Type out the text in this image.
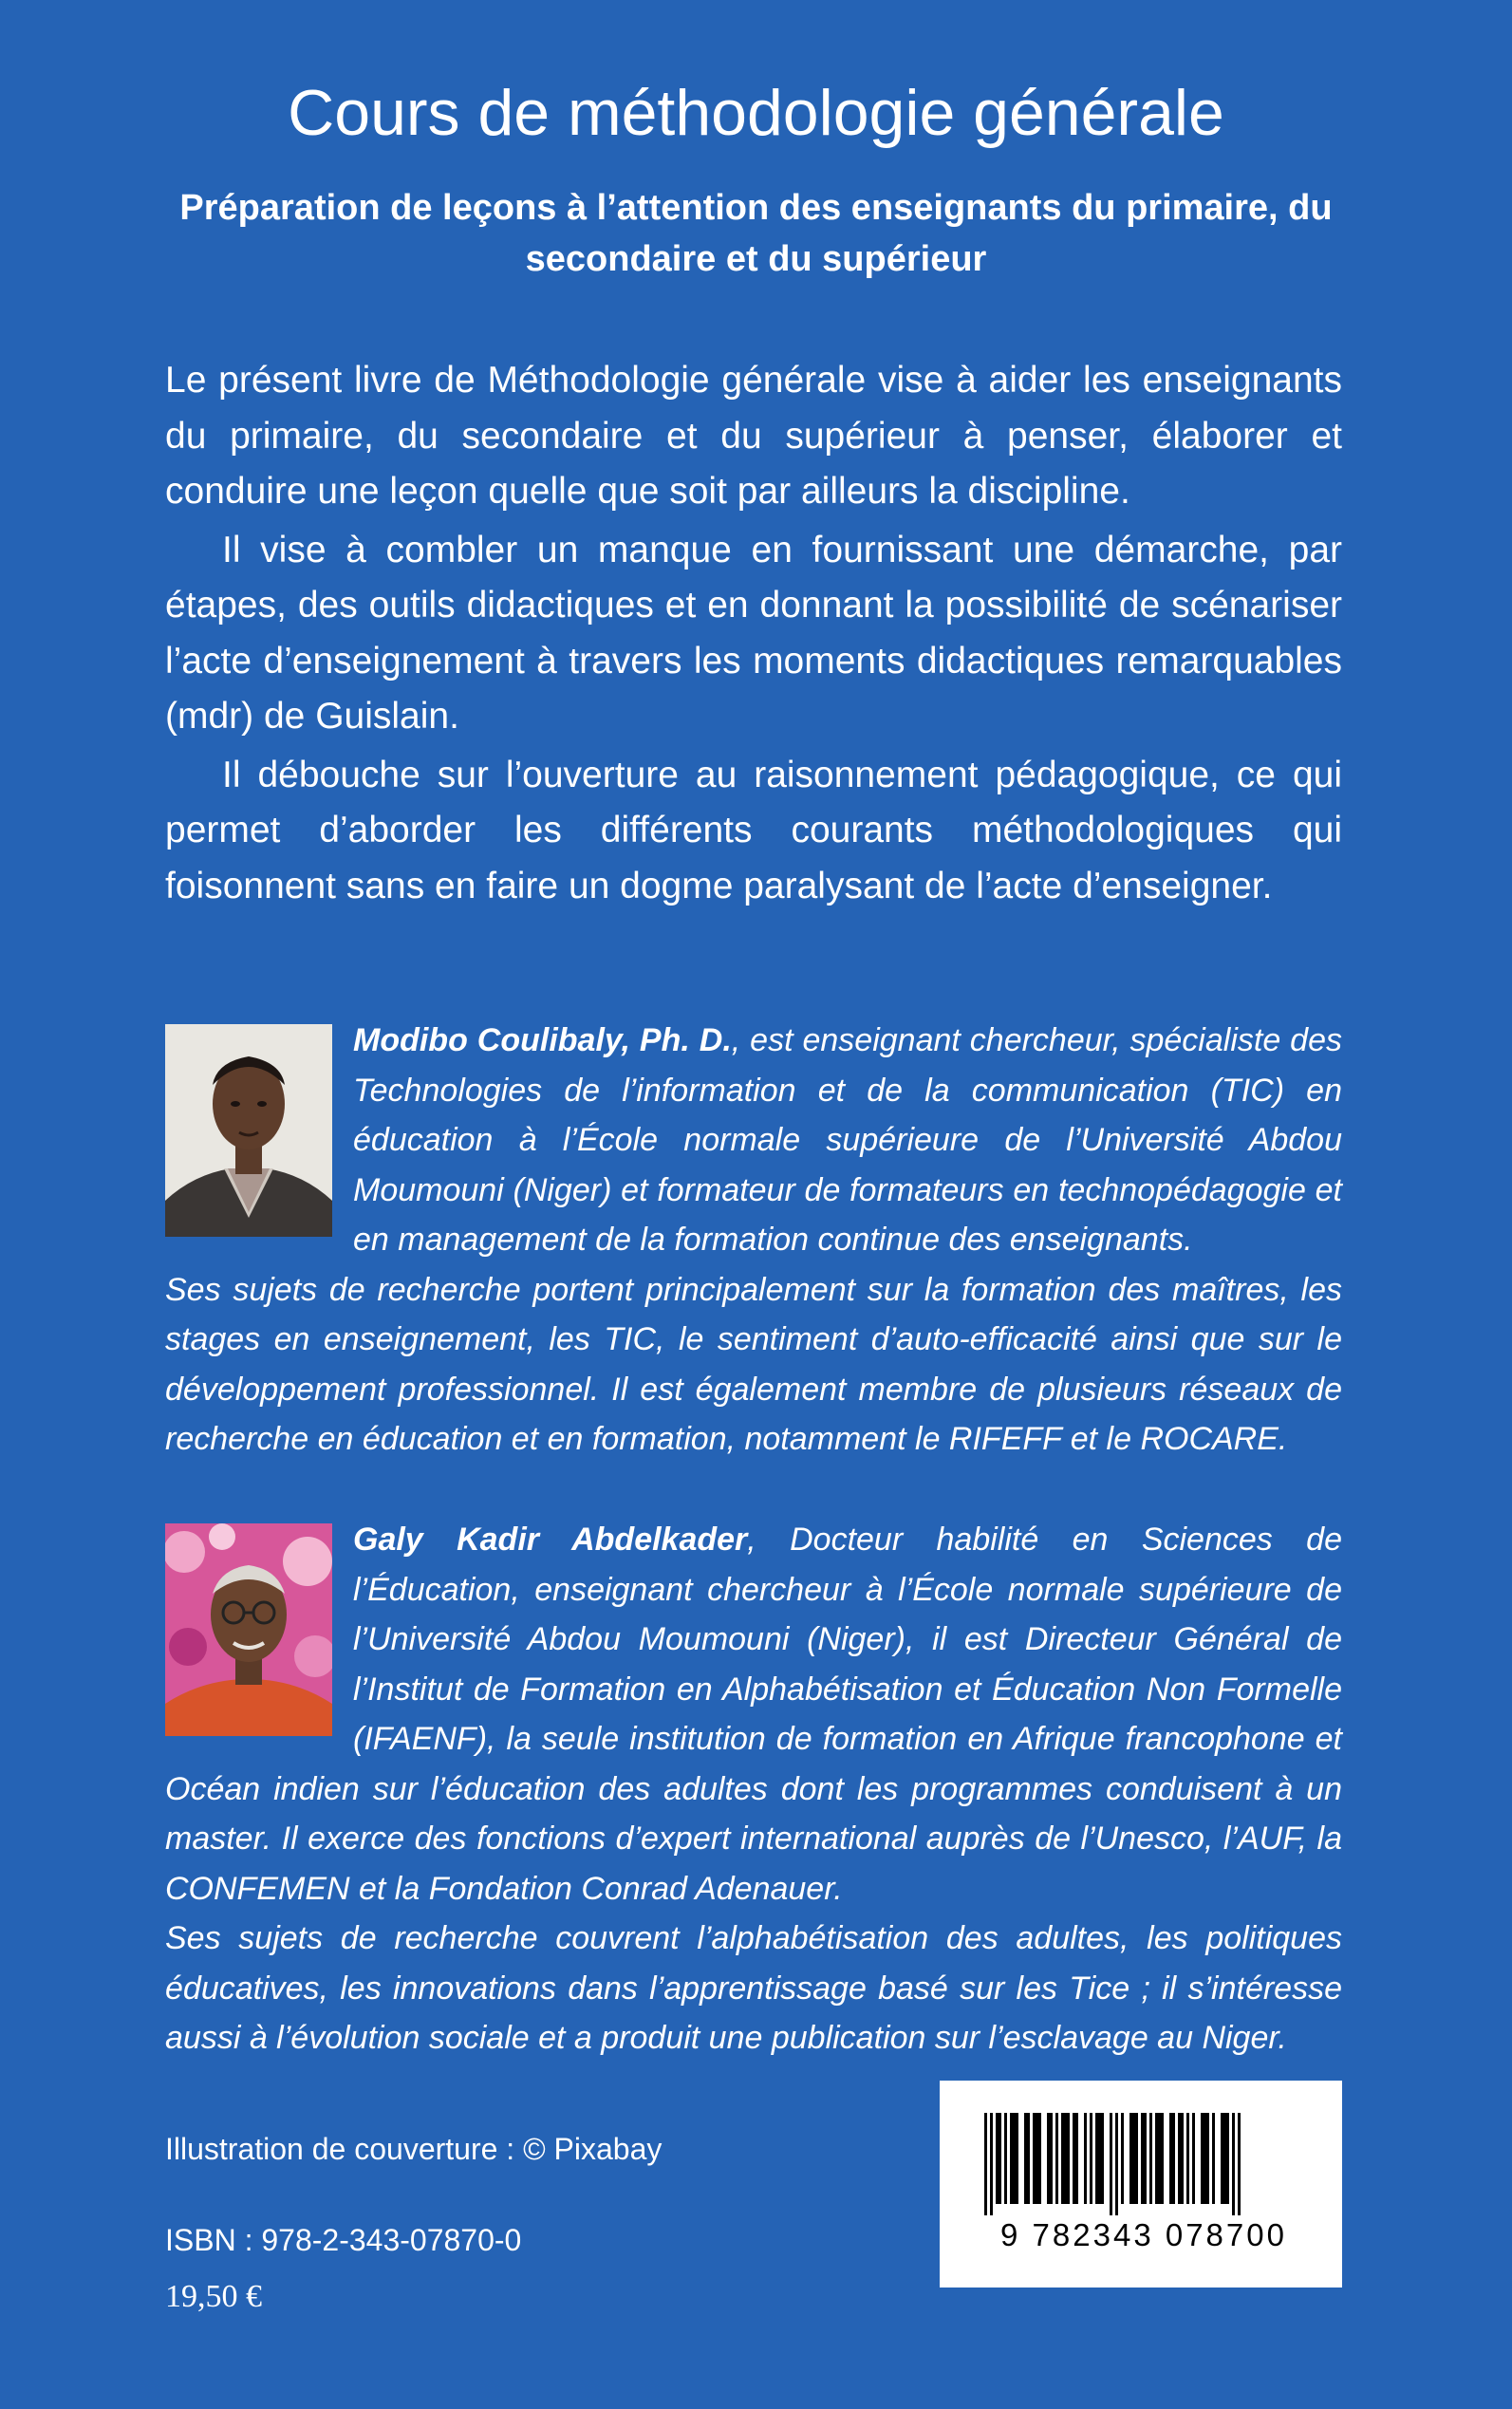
Cours de méthodologie générale
Préparation de leçons à l’attention des enseignants du primaire, du secondaire et du supérieur

Le présent livre de Méthodologie générale vise à aider les enseignants du primaire, du secondaire et du supérieur à penser, élaborer et conduire une leçon quelle que soit par ailleurs la discipline.

Il vise à combler un manque en fournissant une démarche, par étapes, des outils didactiques et en donnant la possibilité de scénariser l’acte d’enseignement à travers les moments didactiques remarquables (mdr) de Guislain.

Il débouche sur l’ouverture au raisonnement pédagogique, ce qui permet d’aborder les différents courants méthodologiques qui foisonnent sans en faire un dogme paralysant de l’acte d’enseigner.

Modibo Coulibaly, Ph. D., est enseignant chercheur, spécialiste des Technologies de l’information et de la communication (TIC) en éducation à l’École normale supérieure de l’Université Abdou Moumouni (Niger) et formateur de formateurs en technopédagogie et en management de la formation continue des enseignants.

Ses sujets de recherche portent principalement sur la formation des maîtres, les stages en enseignement, les TIC, le sentiment d’auto-efficacité ainsi que sur le développement professionnel. Il est également membre de plusieurs réseaux de recherche en éducation et en formation, notamment le RIFEFF et le ROCARE.

Galy Kadir Abdelkader, Docteur habilité en Sciences de l’Éducation, enseignant chercheur à l’École normale supérieure de l’Université Abdou Moumouni (Niger), il est Directeur Général de l’Institut de Formation en Alphabétisation et Éducation Non Formelle (IFAENF), la seule institution de formation en Afrique francophone et Océan indien sur l’éducation des adultes dont les programmes conduisent à un master. Il exerce des fonctions d’expert international auprès de l’Unesco, l’AUF, la CONFEMEN et la Fondation Conrad Adenauer.

Ses sujets de recherche couvrent l’alphabétisation des adultes, les politiques éducatives, les innovations dans l’apprentissage basé sur les Tice ; il s’intéresse aussi à l’évolution sociale et a produit une publication sur l’esclavage au Niger.

Illustration de couverture : © Pixabay
ISBN : 978-2-343-07870-0
19,50 €
9 782343 078700
